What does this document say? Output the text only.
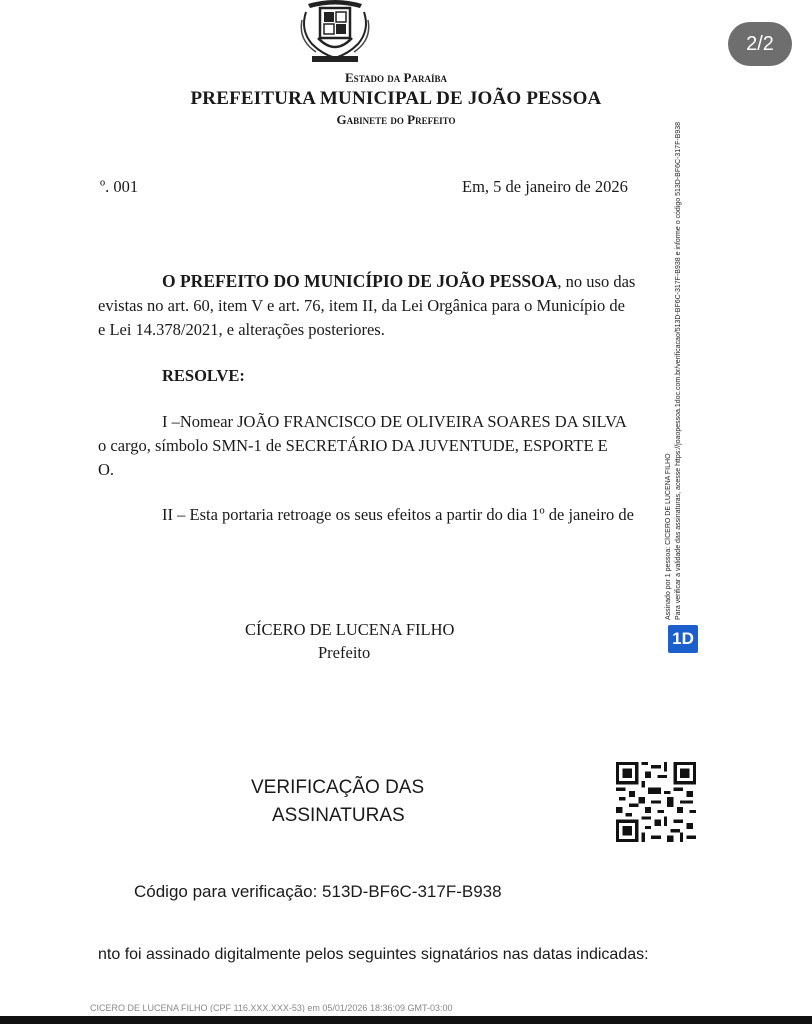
Estado da Paraíba
PREFEITURA MUNICIPAL DE JOÃO PESSOA
Gabinete do Prefeito
º. 001	Em, 5 de janeiro de 2026
O PREFEITO DO MUNICÍPIO DE JOÃO PESSOA, no uso das
evistas no art. 60, item V e art. 76, item II, da Lei Orgânica para o Município de
e Lei 14.378/2021, e alterações posteriores.
RESOLVE:
I –Nomear JOÃO FRANCISCO DE OLIVEIRA SOARES DA SILVA
o cargo, símbolo SMN-1 de SECRETÁRIO DA JUVENTUDE, ESPORTE E
O.
II – Esta portaria retroage os seus efeitos a partir do dia 1º de janeiro de
CÍCERO DE LUCENA FILHO
Prefeito
Assinado por 1 pessoa: CÍCERO DE LUCENA FILHO Para verificar a validade das assinaturas, acesse https://joaopessoa.1doc.com.br/verificacao/513D-BF6C-317F-B938 e informe o código 513D-BF6C-317F-B938
1D
VERIFICAÇÃO DAS
ASSINATURAS
Código para verificação: 513D-BF6C-317F-B938
nto foi assinado digitalmente pelos seguintes signatários nas datas indicadas:
CÍCERO DE LUCENA FILHO (CPF 116.XXX.XXX-53) em 05/01/2026 18:36:09 GMT-03:00
2/2
